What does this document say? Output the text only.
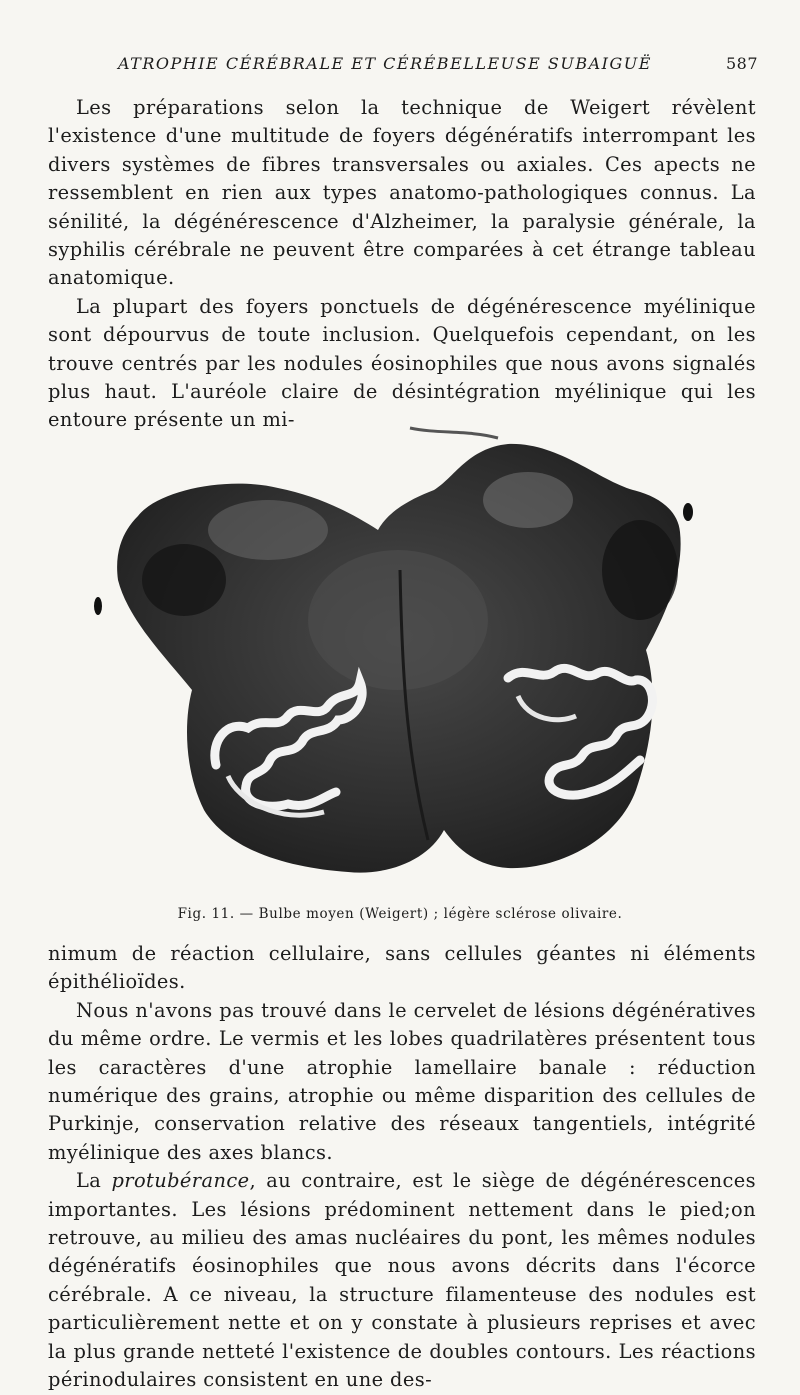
ATROPHIE CÉRÉBRALE ET CÉRÉBELLEUSE SUBAIGUË	587

Les préparations selon la technique de Weigert révèlent l'existence d'une multitude de foyers dégénératifs interrompant les divers systèmes de fibres transversales ou axiales. Ces apects ne ressemblent en rien aux types anatomo-pathologiques connus. La sénilité, la dégénérescence d'Alzheimer, la paralysie générale, la syphilis cérébrale ne peuvent être comparées à cet étrange tableau anatomique.

La plupart des foyers ponctuels de dégénérescence myélinique sont dépourvus de toute inclusion. Quelquefois cependant, on les trouve centrés par les nodules éosinophiles que nous avons signalés plus haut. L'auréole claire de désintégration myélinique qui les entoure présente un mi-

Fig. 11. — Bulbe moyen (Weigert) ; légère sclérose olivaire.

nimum de réaction cellulaire, sans cellules géantes ni éléments épithélioïdes.

Nous n'avons pas trouvé dans le cervelet de lésions dégénératives du même ordre. Le vermis et les lobes quadrilatères présentent tous les caractères d'une atrophie lamellaire banale : réduction numérique des grains, atrophie ou même disparition des cellules de Purkinje, conservation relative des réseaux tangentiels, intégrité myélinique des axes blancs.

La protubérance, au contraire, est le siège de dégénérescences importantes. Les lésions prédominent nettement dans le pied;on retrouve, au milieu des amas nucléaires du pont, les mêmes nodules dégénératifs éosinophiles que nous avons décrits dans l'écorce cérébrale. A ce niveau, la structure filamenteuse des nodules est particulièrement nette et on y constate à plusieurs reprises et avec la plus grande netteté l'existence de doubles contours. Les réactions périnodulaires consistent en une des-
